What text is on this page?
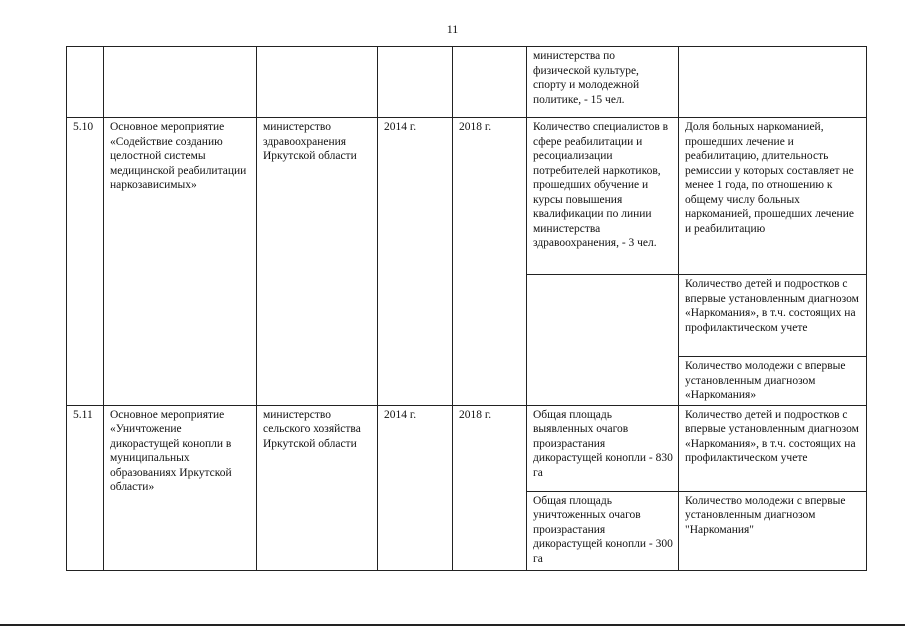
11
					министерства по физической культуре, спорту и молодежной политике, - 15 чел.	
5.10	Основное мероприятие «Содействие созданию целостной системы медицинской реабилитации наркозависимых»	министерство здравоохранения Иркутской области	2014 г.	2018 г.	Количество специалистов в сфере реабилитации и ресоциализации потребителей наркотиков, прошедших обучение и курсы повышения квалификации по линии министерства здравоохранения, - 3 чел.	Доля больных наркоманией, прошедших лечение и реабилитацию, длительность ремиссии у которых составляет не менее 1 года, по отношению к общему числу больных наркоманией, прошедших лечение и реабилитацию
						Количество детей и подростков с впервые установленным диагнозом «Наркомания», в т.ч. состоящих на профилактическом учете
						Количество молодежи с впервые установленным диагнозом «Наркомания»
5.11	Основное мероприятие «Уничтожение дикорастущей конопли в муниципальных образованиях Иркутской области»	министерство сельского хозяйства Иркутской области	2014 г.	2018 г.	Общая площадь выявленных очагов произрастания дикорастущей конопли - 830 га	Количество детей и подростков с впервые установленным диагнозом «Наркомания», в т.ч. состоящих на профилактическом учете
					Общая площадь уничтоженных очагов произрастания дикорастущей конопли - 300 га	Количество молодежи с впервые установленным диагнозом "Наркомания"
